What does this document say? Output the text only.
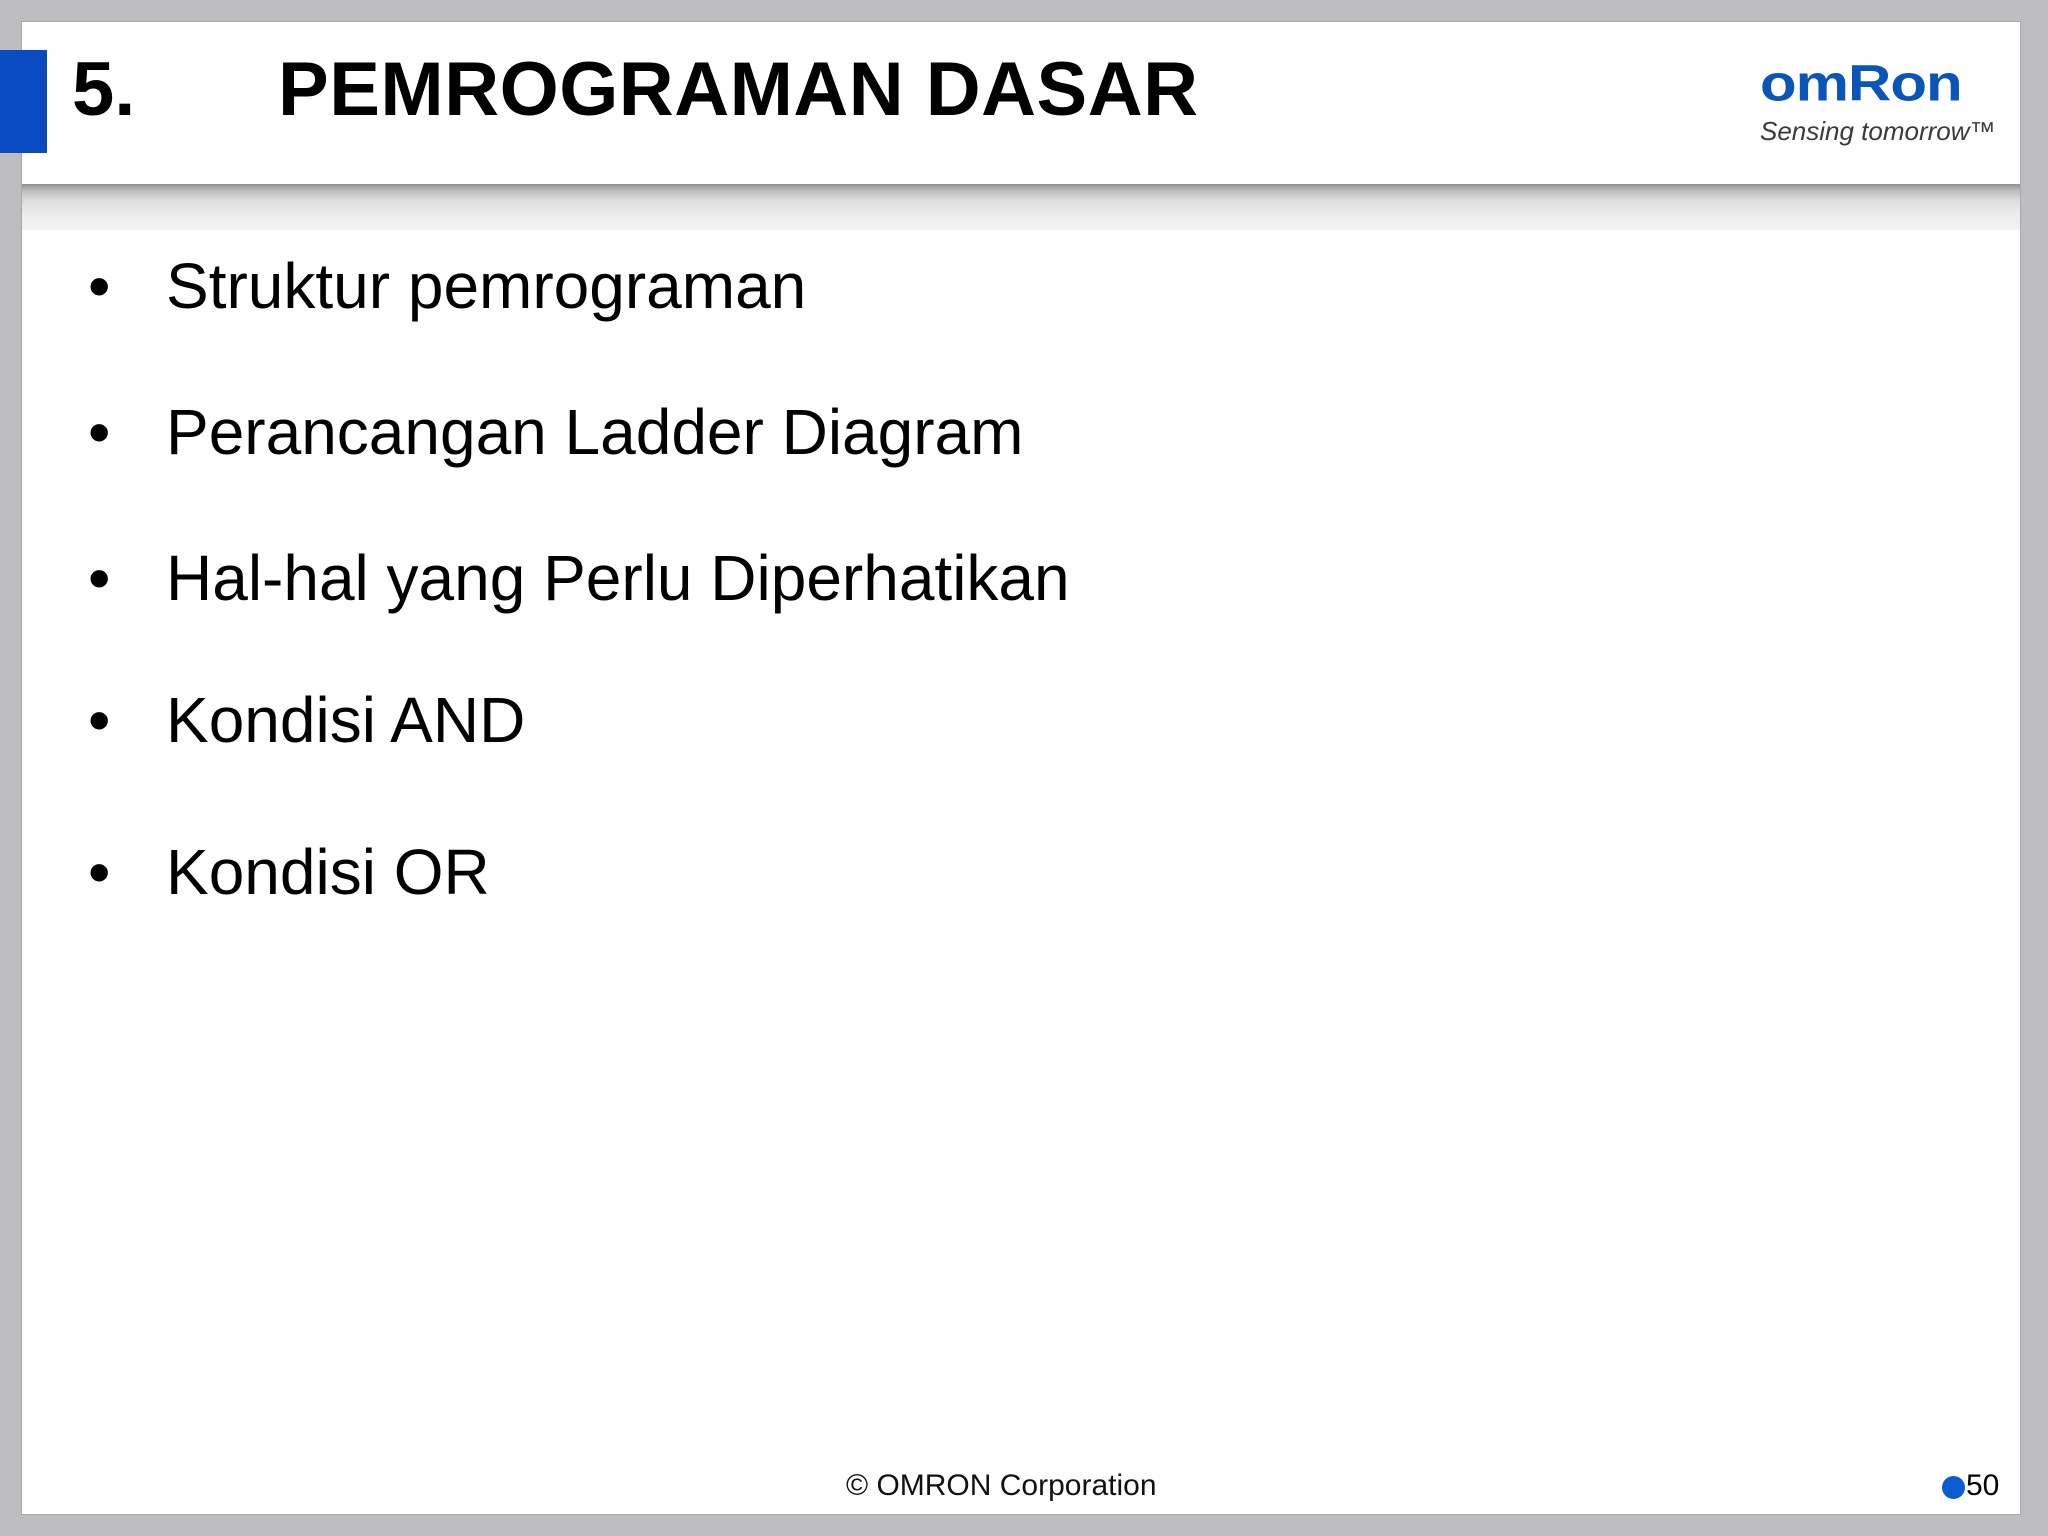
5. PEMROGRAMAN DASAR	omRon
Sensing tomorrow™
• Struktur pemrograman
• Perancangan Ladder Diagram
• Hal-hal yang Perlu Diperhatikan
• Kondisi AND
• Kondisi OR
© OMRON Corporation	50
